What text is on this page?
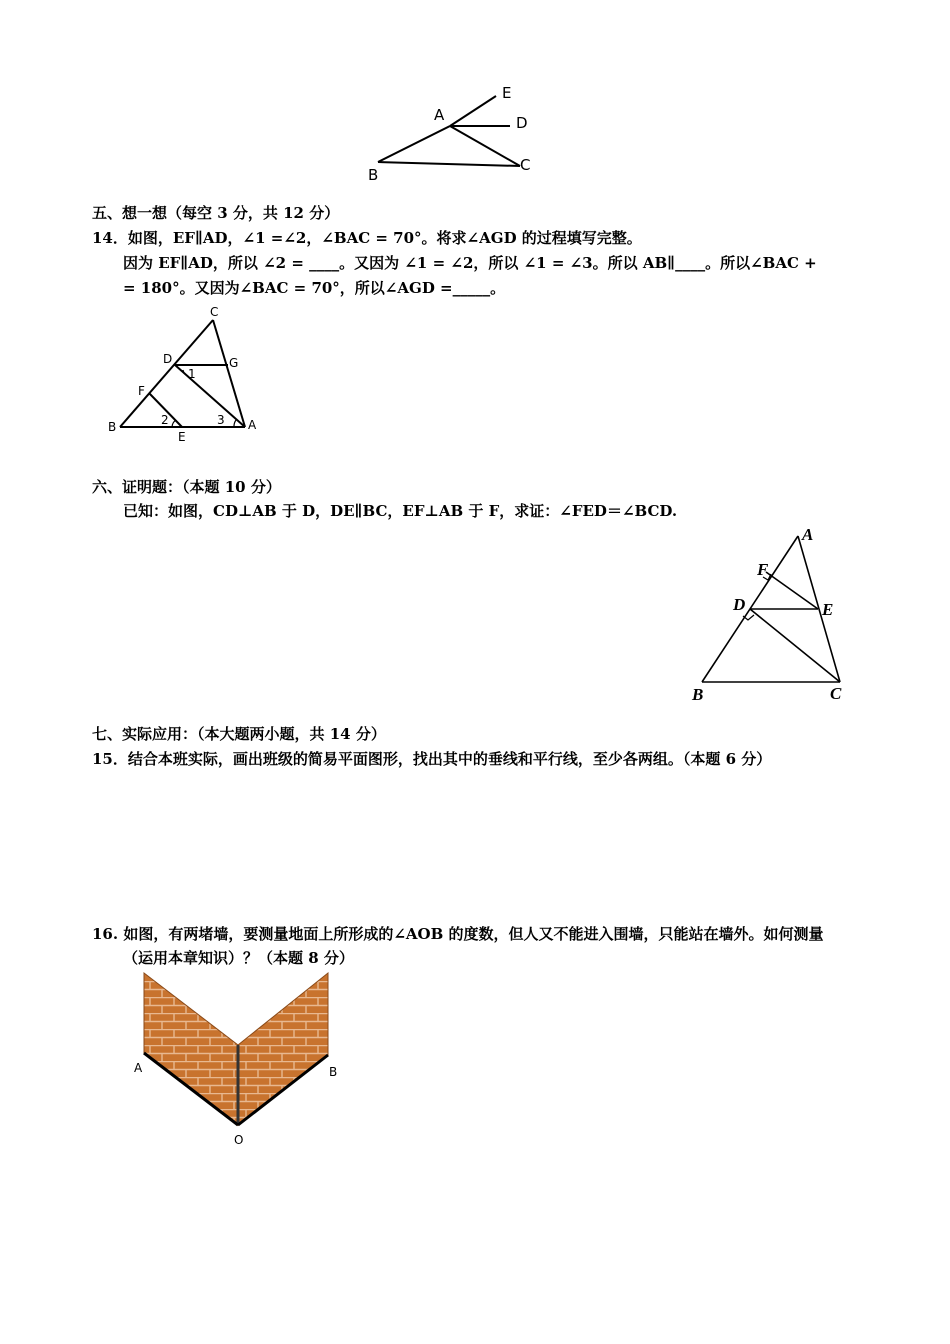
A
B
C
D
E
五、想一想（每空 3 分，共 12 分）
14．如图，EF∥AD，∠1 =∠2，∠BAC = 70°。将求∠AGD 的过程填写完整。
因为 EF∥AD，所以 ∠2 = ____。又因为 ∠1 = ∠2，所以 ∠1 = ∠3。所以 AB∥____。所以∠BAC +
= 180°。又因为∠BAC = 70°，所以∠AGD =_____。
C
D	G
F
B
E
A
1
2	3
六、证明题：（本题 10 分）
已知：如图，CD⊥AB 于 D，DE∥BC，EF⊥AB 于 F，求证：∠FED＝∠BCD.
A
F
D	E
B	C
七、实际应用：（本大题两小题，共 14 分）
15．结合本班实际，画出班级的简易平面图形，找出其中的垂线和平行线，至少各两组。（本题 6 分）
16. 如图，有两堵墙，要测量地面上所形成的∠AOB 的度数，但人又不能进入围墙，只能站在墙外。如何测量
（运用本章知识）？（本题 8 分）
A	B
O
